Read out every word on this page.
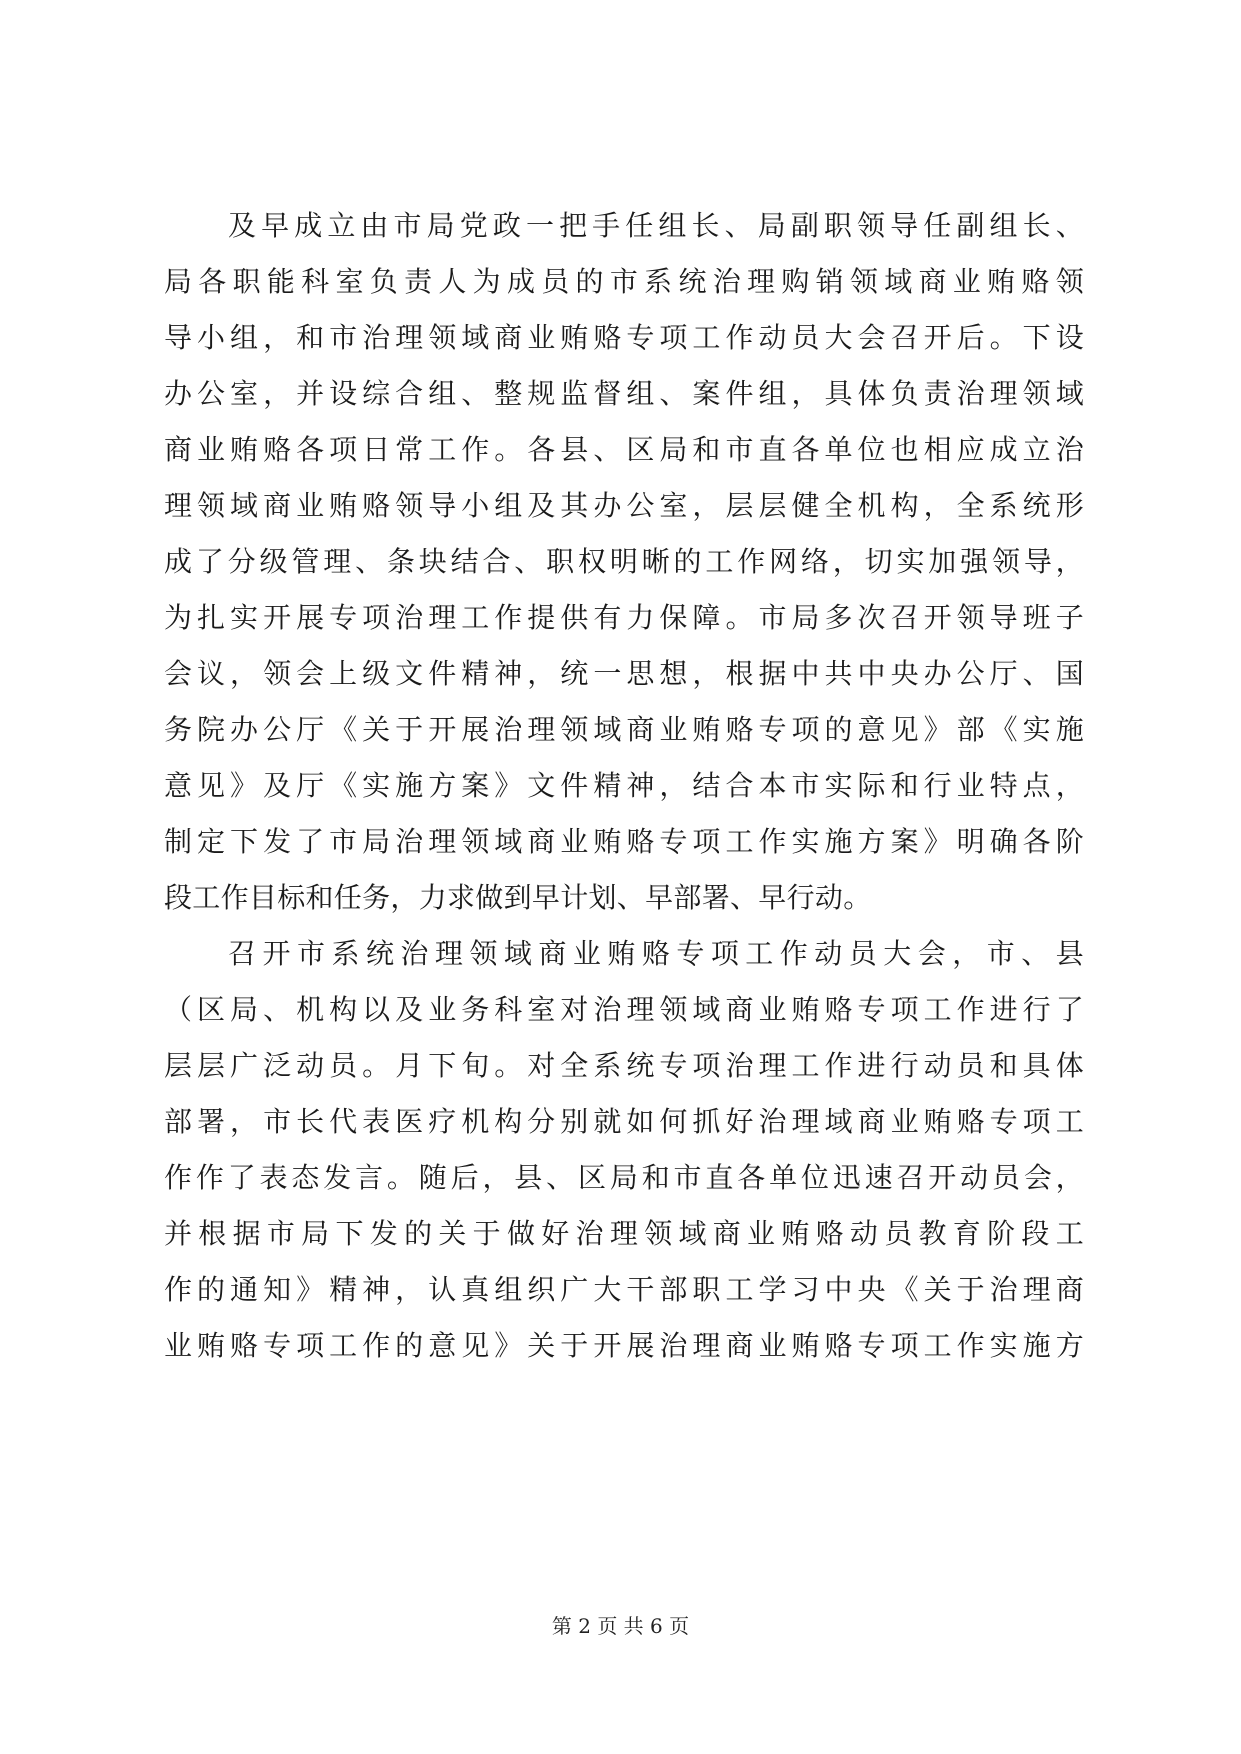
及早成立由市局党政一把手任组长、局副职领导任副组长、
局各职能科室负责人为成员的市系统治理购销领域商业贿赂领
导小组，和市治理领域商业贿赂专项工作动员大会召开后。下设
办公室，并设综合组、整规监督组、案件组，具体负责治理领域
商业贿赂各项日常工作。各县、区局和市直各单位也相应成立治
理领域商业贿赂领导小组及其办公室，层层健全机构，全系统形
成了分级管理、条块结合、职权明晰的工作网络，切实加强领导，
为扎实开展专项治理工作提供有力保障。市局多次召开领导班子
会议，领会上级文件精神，统一思想，根据中共中央办公厅、国
务院办公厅《关于开展治理领域商业贿赂专项的意见》部《实施
意见》及厅《实施方案》文件精神，结合本市实际和行业特点，
制定下发了市局治理领域商业贿赂专项工作实施方案》明确各阶
段工作目标和任务，力求做到早计划、早部署、早行动。
召开市系统治理领域商业贿赂专项工作动员大会，市、县
（区局、机构以及业务科室对治理领域商业贿赂专项工作进行了
层层广泛动员。月下旬。对全系统专项治理工作进行动员和具体
部署，市长代表医疗机构分别就如何抓好治理域商业贿赂专项工
作作了表态发言。随后，县、区局和市直各单位迅速召开动员会，
并根据市局下发的关于做好治理领域商业贿赂动员教育阶段工
作的通知》精神，认真组织广大干部职工学习中央《关于治理商
业贿赂专项工作的意见》关于开展治理商业贿赂专项工作实施方
第 2 页 共 6 页
